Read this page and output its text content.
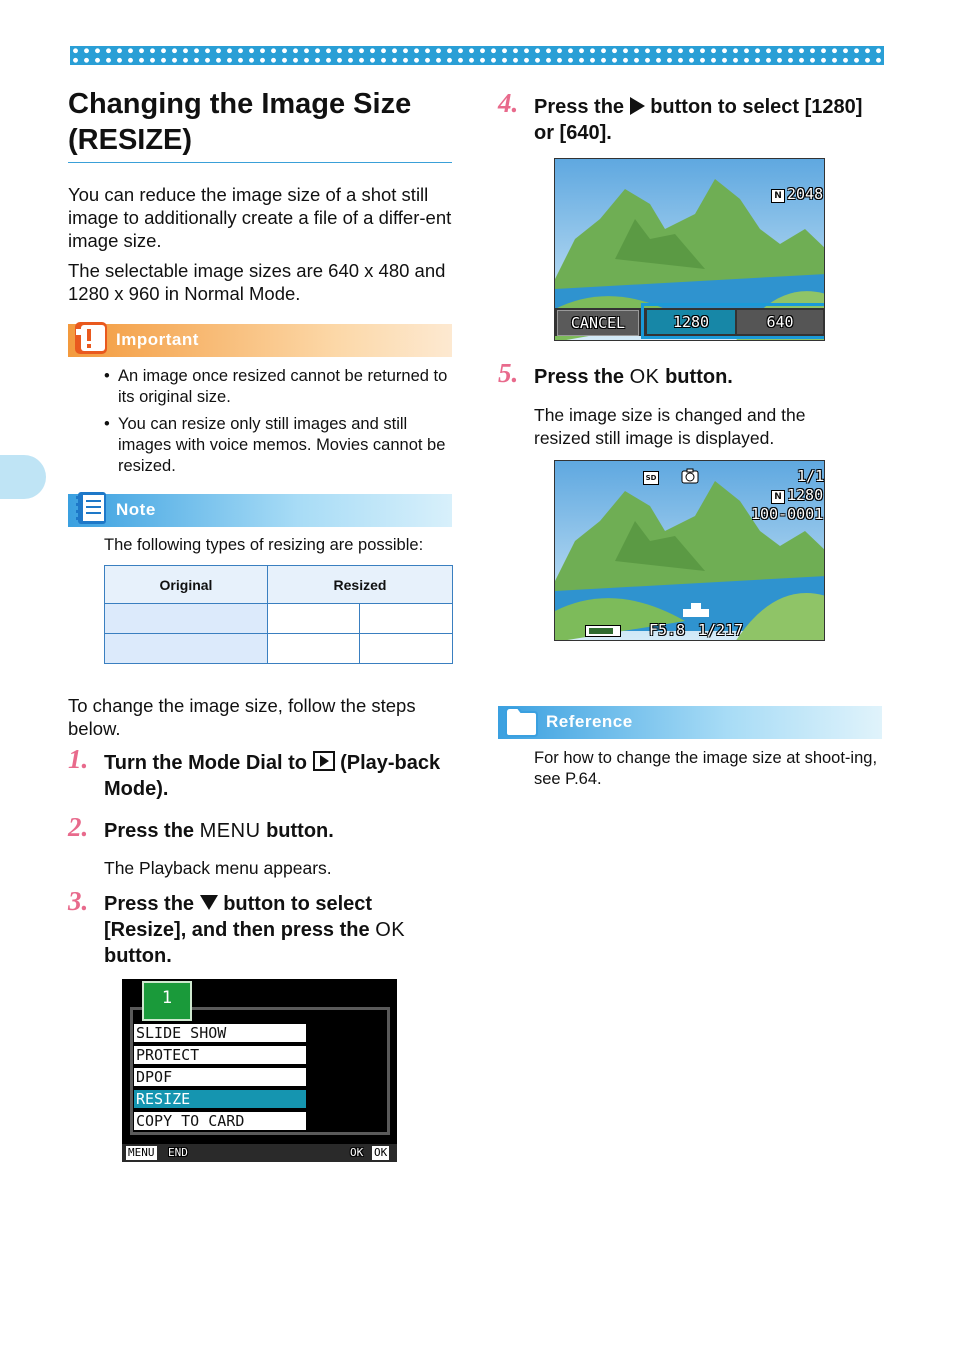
Changing the Image Size (RESIZE)

You can reduce the image size of a shot still image to additionally create a file of a differ-ent image size.

The selectable image sizes are 640 x 480 and 1280 x 960 in Normal Mode.

Important
• An image once resized cannot be returned to its original size.
• You can resize only still images and still images with voice memos. Movies cannot be resized.
Note

The following types of resizing are possible:

Original	Resized	

To change the image size, follow the steps below.

1. Turn the Mode Dial to (Play-back Mode).
2. Press the MENU button.

The Playback menu appears.

3. Press the button to select [Resize], and then press the OK button.
1
SLIDE SHOW
PROTECT
DPOF
RESIZE
COPY TO CARD
MENU END	OK OK
4. Press the button to select [1280] or [640].
N 2048
CANCEL	1280	640
5. Press the OK button.

The image size is changed and the resized still image is displayed.

SD	1/1
N 1280
100-0001
F5.8 1/217
Reference

For how to change the image size at shoot-ing, see P.64.
